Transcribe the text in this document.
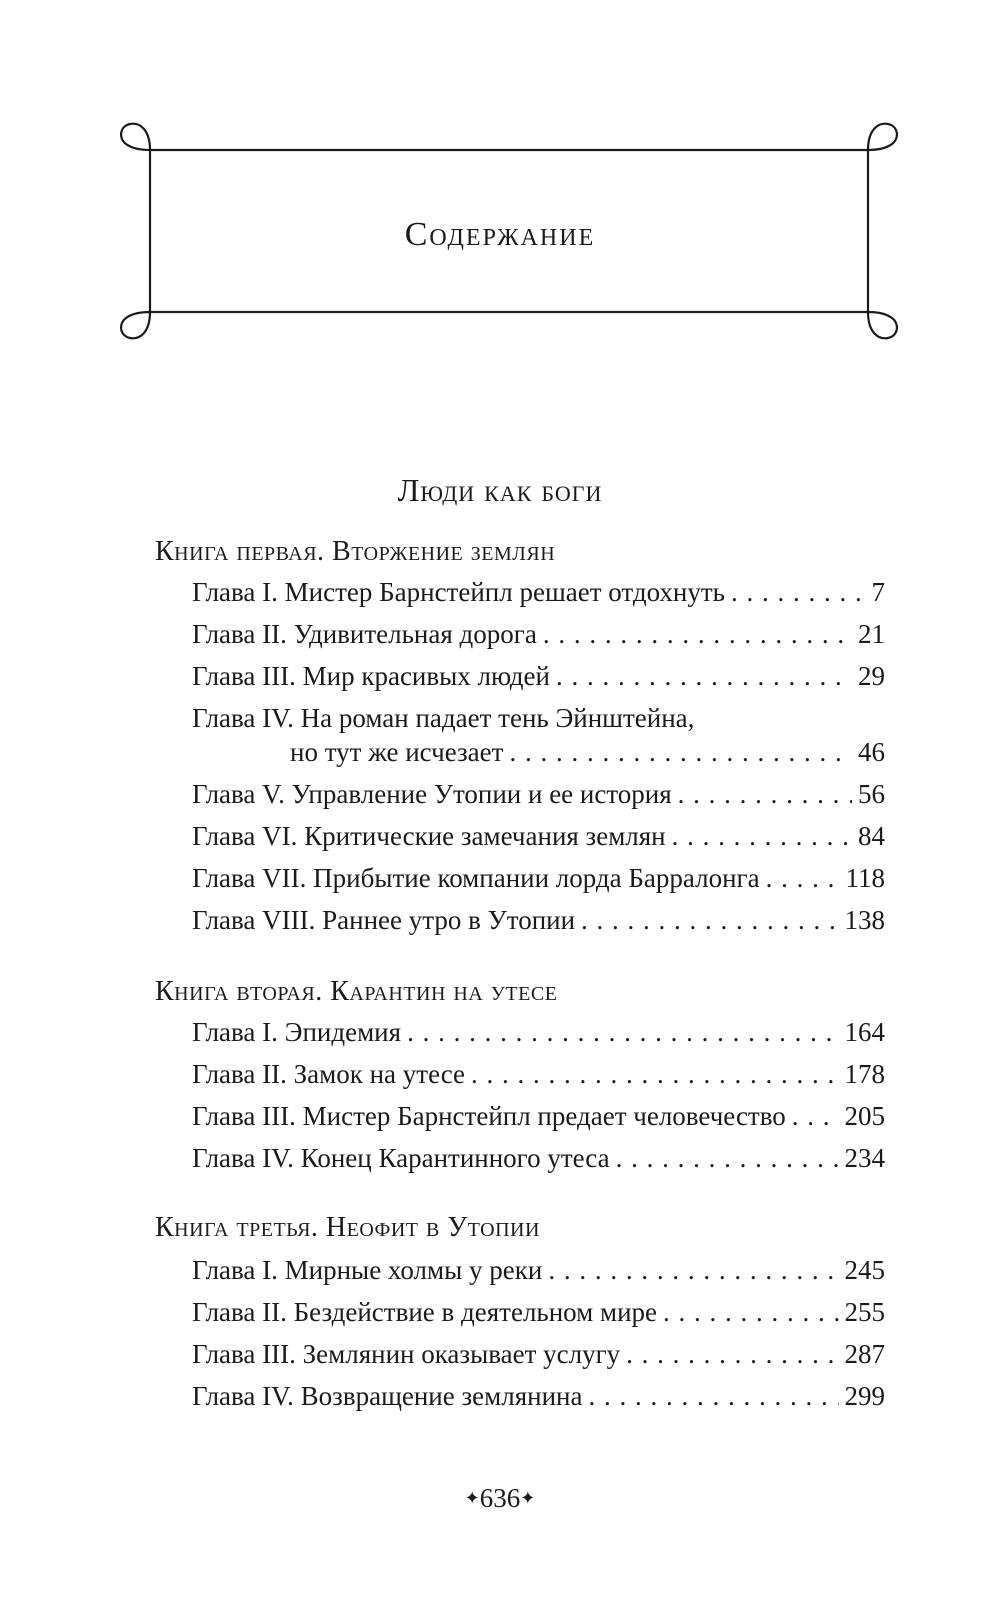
Содержание
Люди как боги
Книга первая. Вторжение землян
Глава I. Мистер Барнстейпл решает отдохнуть . . .	7
Глава II. Удивительная дорога . . .	21
Глава III. Мир красивых людей . . .	29
Глава IV. На роман падает тень Эйнштейна,
но тут же исчезает . . .	46
Глава V. Управление Утопии и ее история . . .	56
Глава VI. Критические замечания землян . . .	84
Глава VII. Прибытие компании лорда Барралонга . . .	118
Глава VIII. Раннее утро в Утопии . . .	138
Книга вторая. Карантин на утесе
Глава I. Эпидемия . . .	164
Глава II. Замок на утесе . . .	178
Глава III. Мистер Барнстейпл предает человечество . . . 205
Глава IV. Конец Карантинного утеса . . .	234
Книга третья. Неофит в Утопии
Глава I. Мирные холмы у реки . . .	245
Глава II. Бездействие в деятельном мире . . .	255
Глава III. Землянин оказывает услугу . . .	287
Глава IV. Возвращение землянина . . .	299
✦636✦
